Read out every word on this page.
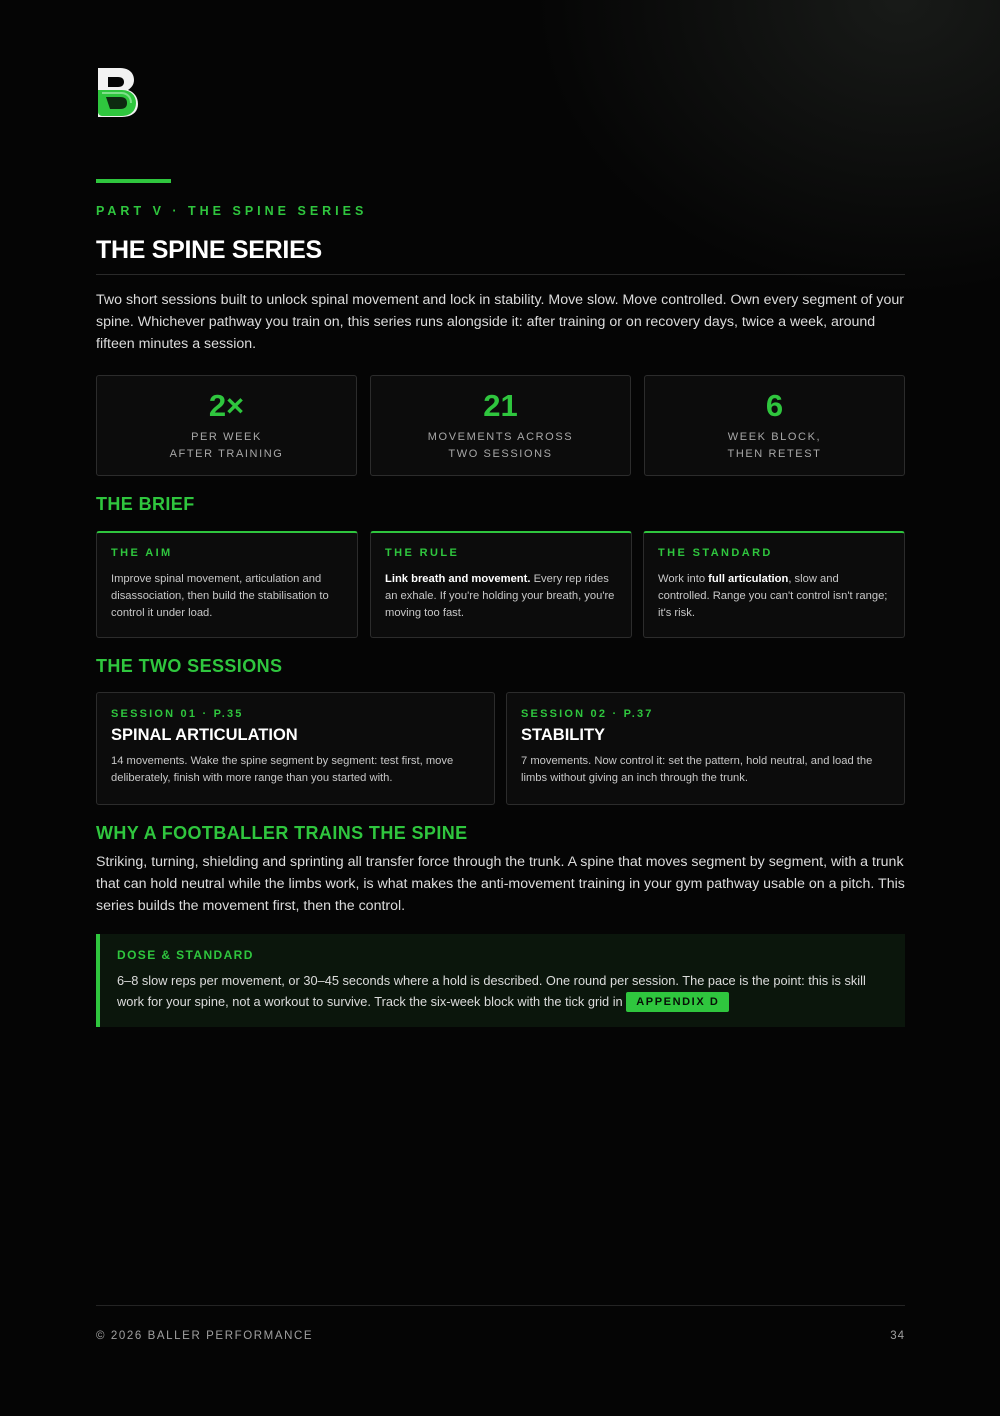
PART V · THE SPINE SERIES
THE SPINE SERIES

Two short sessions built to unlock spinal movement and lock in stability. Move slow. Move controlled. Own every segment of your spine. Whichever pathway you train on, this series runs alongside it: after training or on recovery days, twice a week, around fifteen minutes a session.

2×
PER WEEK
AFTER TRAINING
21
MOVEMENTS ACROSS
TWO SESSIONS
6
WEEK BLOCK,
THEN RETEST
THE BRIEF
THE AIM
Improve spinal movement, articulation and disassociation, then build the stabilisation to control it under load.
THE RULE
Link breath and movement. Every rep rides an exhale. If you're holding your breath, you're moving too fast.
THE STANDARD
Work into full articulation, slow and controlled. Range you can't control isn't range; it's risk.
THE TWO SESSIONS
SESSION 01 · P.35
SPINAL ARTICULATION
14 movements. Wake the spine segment by segment: test first, move deliberately, finish with more range than you started with.
SESSION 02 · P.37
STABILITY
7 movements. Now control it: set the pattern, hold neutral, and load the limbs without giving an inch through the trunk.
WHY A FOOTBALLER TRAINS THE SPINE

Striking, turning, shielding and sprinting all transfer force through the trunk. A spine that moves segment by segment, with a trunk that can hold neutral while the limbs work, is what makes the anti-movement training in your gym pathway usable on a pitch. This series builds the movement first, then the control.

DOSE & STANDARD
6–8 slow reps per movement, or 30–45 seconds where a hold is described. One round per session. The pace is the point: this is skill work for your spine, not a workout to survive. Track the six-week block with the tick grid in APPENDIX D
© 2026 BALLER PERFORMANCE	34
